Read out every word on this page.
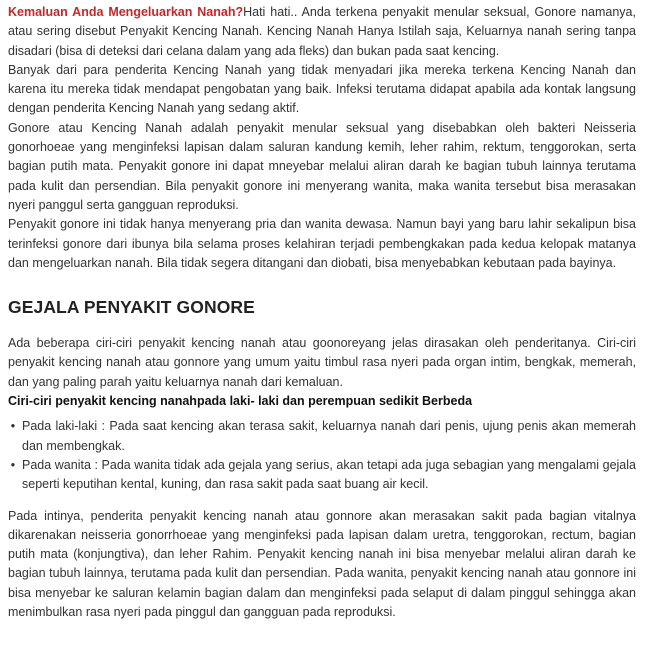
Kemaluan Anda Mengeluarkan Nanah?Hati hati.. Anda terkena penyakit menular seksual, Gonore namanya, atau sering disebut Penyakit Kencing Nanah. Kencing Nanah Hanya Istilah saja, Keluarnya nanah sering tanpa disadari (bisa di deteksi dari celana dalam yang ada fleks) dan bukan pada saat kencing.

Banyak dari para penderita Kencing Nanah yang tidak menyadari jika mereka terkena Kencing Nanah dan karena itu mereka tidak mendapat pengobatan yang baik. Infeksi terutama didapat apabila ada kontak langsung dengan penderita Kencing Nanah yang sedang aktif.

Gonore atau Kencing Nanah adalah penyakit menular seksual yang disebabkan oleh bakteri Neisseria gonorhoeae yang menginfeksi lapisan dalam saluran kandung kemih, leher rahim, rektum, tenggorokan, serta bagian putih mata. Penyakit gonore ini dapat mneyebar melalui aliran darah ke bagian tubuh lainnya terutama pada kulit dan persendian. Bila penyakit gonore ini menyerang wanita, maka wanita tersebut bisa merasakan nyeri panggul serta gangguan reproduksi.

Penyakit gonore ini tidak hanya menyerang pria dan wanita dewasa. Namun bayi yang baru lahir sekalipun bisa terinfeksi gonore dari ibunya bila selama proses kelahiran terjadi pembengkakan pada kedua kelopak matanya dan mengeluarkan nanah. Bila tidak segera ditangani dan diobati, bisa menyebabkan kebutaan pada bayinya.

GEJALA PENYAKIT GONORE

Ada beberapa ciri-ciri penyakit kencing nanah atau goonoreyang jelas dirasakan oleh penderitanya. Ciri-ciri penyakit kencing nanah atau gonnore yang umum yaitu timbul rasa nyeri pada organ intim, bengkak, memerah, dan yang paling parah yaitu keluarnya nanah dari kemaluan.

Ciri-ciri penyakit kencing nanahpada laki- laki dan perempuan sedikit Berbeda

• Pada laki-laki : Pada saat kencing akan terasa sakit, keluarnya nanah dari penis, ujung penis akan memerah dan membengkak.
• Pada wanita : Pada wanita tidak ada gejala yang serius, akan tetapi ada juga sebagian yang mengalami gejala seperti keputihan kental, kuning, dan rasa sakit pada saat buang air kecil.

Pada intinya, penderita penyakit kencing nanah atau gonnore akan merasakan sakit pada bagian vitalnya dikarenakan neisseria gonorrhoeae yang menginfeksi pada lapisan dalam uretra, tenggorokan, rectum, bagian putih mata (konjungtiva), dan leher Rahim. Penyakit kencing nanah ini bisa menyebar melalui aliran darah ke bagian tubuh lainnya, terutama pada kulit dan persendian. Pada wanita, penyakit kencing nanah atau gonnore ini bisa menyebar ke saluran kelamin bagian dalam dan menginfeksi pada selaput di dalam pinggul sehingga akan menimbulkan rasa nyeri pada pinggul dan gangguan pada reproduksi.
